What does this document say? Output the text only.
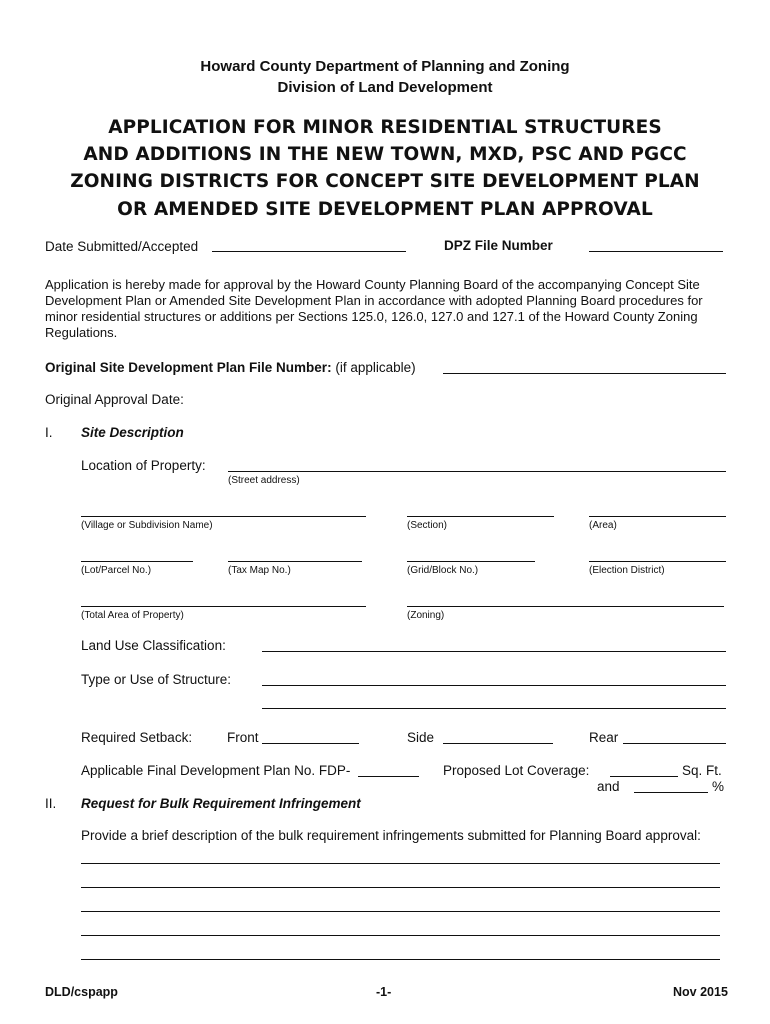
Howard County Department of Planning and Zoning
Division of Land Development
APPLICATION FOR MINOR RESIDENTIAL STRUCTURES
AND ADDITIONS IN THE NEW TOWN, MXD, PSC AND PGCC
ZONING DISTRICTS FOR CONCEPT SITE DEVELOPMENT PLAN
OR AMENDED SITE DEVELOPMENT PLAN APPROVAL
Date Submitted/Accepted	DPZ File Number
Application is hereby made for approval by the Howard County Planning Board of the accompanying Concept Site Development Plan or Amended Site Development Plan in accordance with adopted Planning Board procedures for minor residential structures or additions per Sections 125.0, 126.0, 127.0 and 127.1 of the Howard County Zoning Regulations.
Original Site Development Plan File Number: (if applicable)
Original Approval Date:
I. Site Description
Location of Property:
(Street address)
(Village or Subdivision Name)	(Section)	(Area)
(Lot/Parcel No.)	(Tax Map No.)	(Grid/Block No.)	(Election District)
(Total Area of Property)	(Zoning)
Land Use Classification:
Type or Use of Structure:
Required Setback:	Front	Side	Rear
Applicable Final Development Plan No. FDP-	Proposed Lot Coverage:	Sq. Ft.
and	%
II. Request for Bulk Requirement Infringement
Provide a brief description of the bulk requirement infringements submitted for Planning Board approval:
DLD/cspapp	-1-	Nov 2015
